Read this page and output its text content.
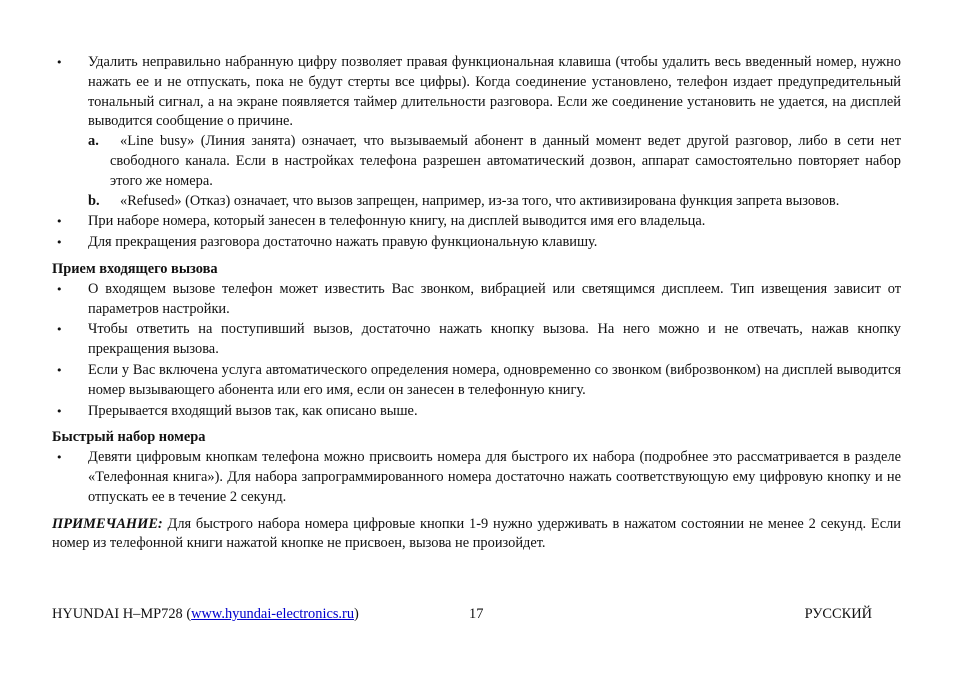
• Удалить неправильно набранную цифру позволяет правая функциональная клавиша (чтобы удалить весь введенный номер, нужно нажать ее и не отпускать, пока не будут стерты все цифры). Когда соединение установлено, телефон издает предупредительный тональный сигнал, а на экране появляется таймер длительности разговора. Если же соединение установить не удается, на дисплей выводится сообщение о причине.
a.	«Line busy» (Линия занята) означает, что вызываемый абонент в данный момент ведет другой разговор, либо в сети нет свободного канала. Если в настройках телефона разрешен автоматический дозвон, аппарат самостоятельно повторяет набор этого же номера.
b.	«Refused» (Отказ) означает, что вызов запрещен, например, из-за того, что активизирована функция запрета вызовов.
• При наборе номера, который занесен в телефонную книгу, на дисплей выводится имя его владельца.
• Для прекращения разговора достаточно нажать правую функциональную клавишу.
Прием входящего вызова
• О входящем вызове телефон может известить Вас звонком, вибрацией или светящимся дисплеем. Тип извещения зависит от параметров настройки.
• Чтобы ответить на поступивший вызов, достаточно нажать кнопку вызова. На него можно и не отвечать, нажав кнопку прекращения вызова.
• Если у Вас включена услуга автоматического определения номера, одновременно со звонком (виброзвонком) на дисплей выводится номер вызывающего абонента или его имя, если он занесен в телефонную книгу.
• Прерывается входящий вызов так, как описано выше.
Быстрый набор номера
• Девяти цифровым кнопкам телефона можно присвоить номера для быстрого их набора (подробнее это рассматривается в разделе «Телефонная книга»). Для набора запрограммированного номера достаточно нажать соответствующую ему цифровую кнопку и не отпускать ее в течение 2 секунд.

ПРИМЕЧАНИЕ: Для быстрого набора номера цифровые кнопки 1-9 нужно удерживать в нажатом состоянии не менее 2 секунд. Если номер из телефонной книги нажатой кнопке не присвоен, вызова не произойдет.

HYUNDAI H–MP728 (www.hyundai-electronics.ru)	17	РУССКИЙ
